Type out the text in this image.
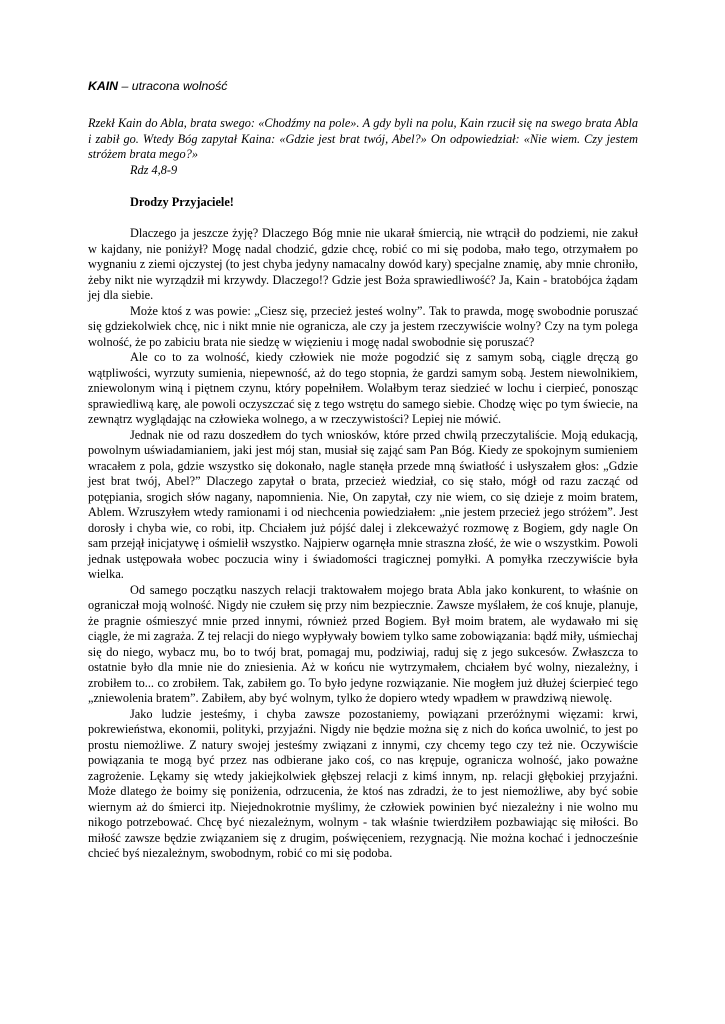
KAIN – utracona wolność

Rzekł Kain do Abla, brata swego: «Chodźmy na pole». A gdy byli na polu, Kain rzucił się na swego brata Abla i zabił go. Wtedy Bóg zapytał Kaina: «Gdzie jest brat twój, Abel?» On odpowiedział: «Nie wiem. Czy jestem stróżem brata mego?»

Rdz 4,8-9

Drodzy Przyjaciele!

Dlaczego ja jeszcze żyję? Dlaczego Bóg mnie nie ukarał śmiercią, nie wtrącił do podziemi, nie zakuł w kajdany, nie poniżył? Mogę nadal chodzić, gdzie chcę, robić co mi się podoba, mało tego, otrzymałem po wygnaniu z ziemi ojczystej (to jest chyba jedyny namacalny dowód kary) specjalne znamię, aby mnie chroniło, żeby nikt nie wyrządził mi krzywdy. Dlaczego!? Gdzie jest Boża sprawiedliwość? Ja, Kain - bratobójca żądam jej dla siebie.

Może ktoś z was powie: „Ciesz się, przecież jesteś wolny”. Tak to prawda, mogę swobodnie poruszać się gdziekolwiek chcę, nic i nikt mnie nie ogranicza, ale czy ja jestem rzeczywiście wolny? Czy na tym polega wolność, że po zabiciu brata nie siedzę w więzieniu i mogę nadal swobodnie się poruszać?

Ale co to za wolność, kiedy człowiek nie może pogodzić się z samym sobą, ciągle dręczą go wątpliwości, wyrzuty sumienia, niepewność, aż do tego stopnia, że gardzi samym sobą. Jestem niewolnikiem, zniewolonym winą i piętnem czynu, który popełniłem. Wolałbym teraz siedzieć w lochu i cierpieć, ponosząc sprawiedliwą karę, ale powoli oczyszczać się z tego wstrętu do samego siebie. Chodzę więc po tym świecie, na zewnątrz wyglądając na człowieka wolnego, a w rzeczywistości? Lepiej nie mówić.

Jednak nie od razu doszedłem do tych wniosków, które przed chwilą przeczytaliście. Moją edukacją, powolnym uświadamianiem, jaki jest mój stan, musiał się zająć sam Pan Bóg. Kiedy ze spokojnym sumieniem wracałem z pola, gdzie wszystko się dokonało, nagle stanęła przede mną światłość i usłyszałem głos: „Gdzie jest brat twój, Abel?” Dlaczego zapytał o brata, przecież wiedział, co się stało, mógł od razu zacząć od potępiania, srogich słów nagany, napomnienia. Nie, On zapytał, czy nie wiem, co się dzieje z moim bratem, Ablem. Wzruszyłem wtedy ramionami i od niechcenia powiedziałem: „nie jestem przecież jego stróżem”. Jest dorosły i chyba wie, co robi, itp. Chciałem już pójść dalej i zlekceważyć rozmowę z Bogiem, gdy nagle On sam przejął inicjatywę i ośmielił wszystko. Najpierw ogarnęła mnie straszna złość, że wie o wszystkim. Powoli jednak ustępowała wobec poczucia winy i świadomości tragicznej pomyłki. A pomyłka rzeczywiście była wielka.

Od samego początku naszych relacji traktowałem mojego brata Abla jako konkurent, to właśnie on ograniczał moją wolność. Nigdy nie czułem się przy nim bezpiecznie. Zawsze myślałem, że coś knuje, planuje, że pragnie ośmieszyć mnie przed innymi, również przed Bogiem. Był moim bratem, ale wydawało mi się ciągle, że mi zagraża. Z tej relacji do niego wypływały bowiem tylko same zobowiązania: bądź miły, uśmiechaj się do niego, wybacz mu, bo to twój brat, pomagaj mu, podziwiaj, raduj się z jego sukcesów. Zwłaszcza to ostatnie było dla mnie nie do zniesienia. Aż w końcu nie wytrzymałem, chciałem być wolny, niezależny, i zrobiłem to... co zrobiłem. Tak, zabiłem go. To było jedyne rozwiązanie. Nie mogłem już dłużej ścierpieć tego „zniewolenia bratem”. Zabiłem, aby być wolnym, tylko że dopiero wtedy wpadłem w prawdziwą niewolę.

Jako ludzie jesteśmy, i chyba zawsze pozostaniemy, powiązani przeróżnymi więzami: krwi, pokrewieństwa, ekonomii, polityki, przyjaźni. Nigdy nie będzie można się z nich do końca uwolnić, to jest po prostu niemożliwe. Z natury swojej jesteśmy związani z innymi, czy chcemy tego czy też nie. Oczywiście powiązania te mogą być przez nas odbierane jako coś, co nas krępuje, ogranicza wolność, jako poważne zagrożenie. Lękamy się wtedy jakiejkolwiek głębszej relacji z kimś innym, np. relacji głębokiej przyjaźni. Może dlatego że boimy się poniżenia, odrzucenia, że ktoś nas zdradzi, że to jest niemożliwe, aby być sobie wiernym aż do śmierci itp. Niejednokrotnie myślimy, że człowiek powinien być niezależny i nie wolno mu nikogo potrzebować. Chcę być niezależnym, wolnym - tak właśnie twierdziłem pozbawiając się miłości. Bo miłość zawsze będzie związaniem się z drugim, poświęceniem, rezygnacją. Nie można kochać i jednocześnie chcieć byś niezależnym, swobodnym, robić co mi się podoba.
